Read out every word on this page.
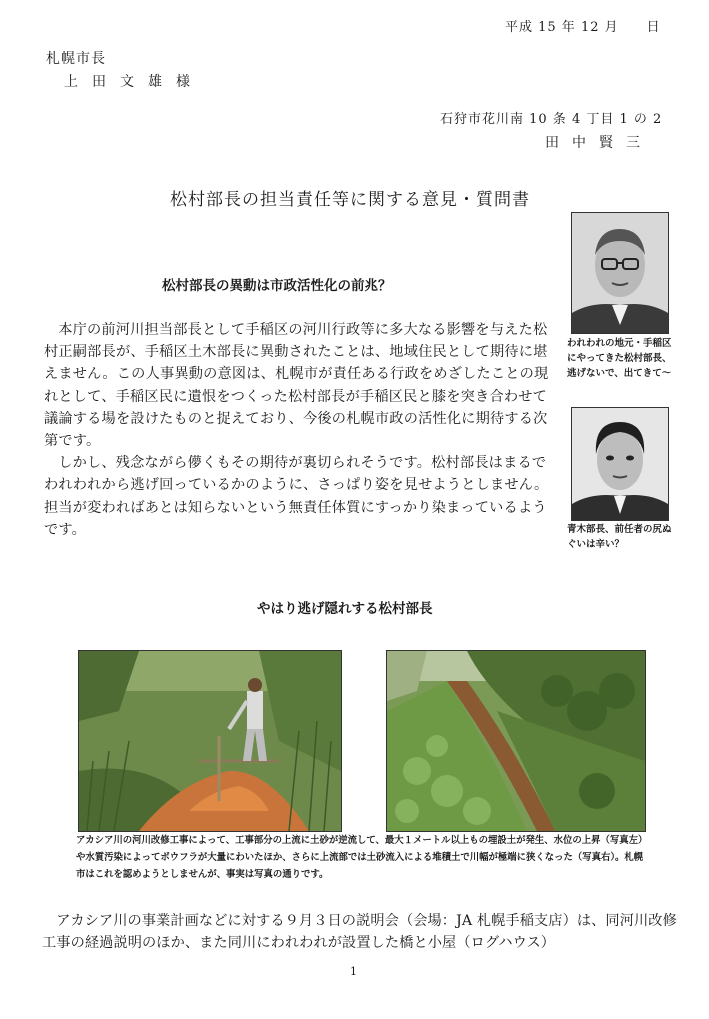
平成 15 年 12 月　　日
札幌市長
上田文雄様
石狩市花川南 10 条 4 丁目 1 の 2
田中賢三
松村部長の担当責任等に関する意見・質問書
松村部長の異動は市政活性化の前兆？

本庁の前河川担当部長として手稲区の河川行政等に多大なる影響を与えた松村正嗣部長が、手稲区土木部長に異動されたことは、地域住民として期待に堪えません。この人事異動の意図は、札幌市が責任ある行政をめざしたことの現れとして、手稲区民に遺恨をつくった松村部長が手稲区民と膝を突き合わせて議論する場を設けたものと捉えており、今後の札幌市政の活性化に期待する次第です。

しかし、残念ながら儚くもその期待が裏切られそうです。松村部長はまるでわれわれから逃げ回っているかのように、さっぱり姿を見せようとしません。担当が変わればあとは知らないという無責任体質にすっかり染まっているようです。

われわれの地元・手稲区にやってきた松村部長、逃げないで、出てきて〜
青木部長、前任者の尻ぬぐいは辛い？
やはり逃げ隠れする松村部長
アカシア川の河川改修工事によって、工事部分の上流に土砂が逆流して、最大１メートル以上もの埋設土が発生、水位の上昇（写真左）や水質汚染によってボウフラが大量にわいたほか、さらに上流部では土砂流入による堆積土で川幅が極端に狭くなった（写真右）。札幌市はこれを認めようとしませんが、事実は写真の通りです。

アカシア川の事業計画などに対する９月３日の説明会（会場：JA 札幌手稲支店）は、同河川改修工事の経過説明のほか、また同川にわれわれが設置した橋と小屋（ログハウス）

1
